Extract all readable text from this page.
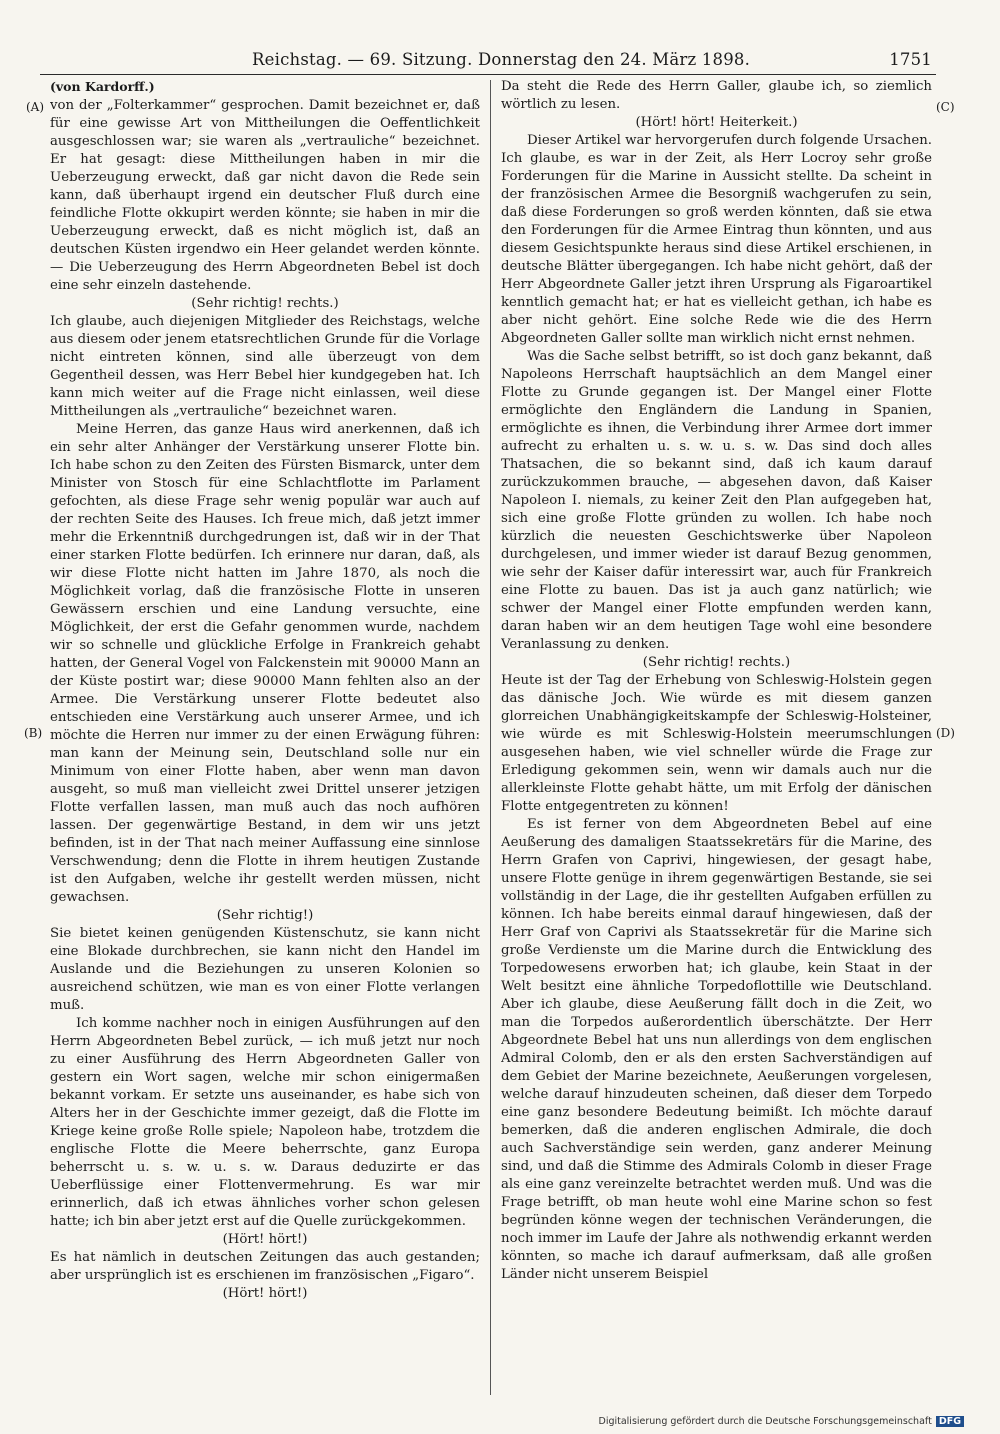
Reichstag. — 69. Sitzung. Donnerstag den 24. März 1898.	1751
(A)
(B)
(C)
(D)

(von Kardorff.)

von der „Folterkammer“ gesprochen. Damit bezeichnet er, daß für eine gewisse Art von Mittheilungen die Oeffentlichkeit ausgeschlossen war; sie waren als „vertrauliche“ bezeichnet. Er hat gesagt: diese Mittheilungen haben in mir die Ueberzeugung erweckt, daß gar nicht davon die Rede sein kann, daß überhaupt irgend ein deutscher Fluß durch eine feindliche Flotte okkupirt werden könnte; sie haben in mir die Ueberzeugung erweckt, daß es nicht möglich ist, daß an deutschen Küsten irgendwo ein Heer gelandet werden könnte. — Die Ueberzeugung des Herrn Abgeordneten Bebel ist doch eine sehr einzeln dastehende.

(Sehr richtig! rechts.)

Ich glaube, auch diejenigen Mitglieder des Reichstags, welche aus diesem oder jenem etatsrechtlichen Grunde für die Vorlage nicht eintreten können, sind alle überzeugt von dem Gegentheil dessen, was Herr Bebel hier kundgegeben hat. Ich kann mich weiter auf die Frage nicht einlassen, weil diese Mittheilungen als „vertrauliche“ bezeichnet waren.

Meine Herren, das ganze Haus wird anerkennen, daß ich ein sehr alter Anhänger der Verstärkung unserer Flotte bin. Ich habe schon zu den Zeiten des Fürsten Bismarck, unter dem Minister von Stosch für eine Schlachtflotte im Parlament gefochten, als diese Frage sehr wenig populär war auch auf der rechten Seite des Hauses. Ich freue mich, daß jetzt immer mehr die Erkenntniß durchgedrungen ist, daß wir in der That einer starken Flotte bedürfen. Ich erinnere nur daran, daß, als wir diese Flotte nicht hatten im Jahre 1870, als noch die Möglichkeit vorlag, daß die französische Flotte in unseren Gewässern erschien und eine Landung versuchte, eine Möglichkeit, der erst die Gefahr genommen wurde, nachdem wir so schnelle und glückliche Erfolge in Frankreich gehabt hatten, der General Vogel von Falckenstein mit 90000 Mann an der Küste postirt war; diese 90000 Mann fehlten also an der Armee. Die Verstärkung unserer Flotte bedeutet also entschieden eine Verstärkung auch unserer Armee, und ich möchte die Herren nur immer zu der einen Erwägung führen: man kann der Meinung sein, Deutschland solle nur ein Minimum von einer Flotte haben, aber wenn man davon ausgeht, so muß man vielleicht zwei Drittel unserer jetzigen Flotte verfallen lassen, man muß auch das noch aufhören lassen. Der gegenwärtige Bestand, in dem wir uns jetzt befinden, ist in der That nach meiner Auffassung eine sinnlose Verschwendung; denn die Flotte in ihrem heutigen Zustande ist den Aufgaben, welche ihr gestellt werden müssen, nicht gewachsen.

(Sehr richtig!)

Sie bietet keinen genügenden Küstenschutz, sie kann nicht eine Blokade durchbrechen, sie kann nicht den Handel im Auslande und die Beziehungen zu unseren Kolonien so ausreichend schützen, wie man es von einer Flotte verlangen muß.

Ich komme nachher noch in einigen Ausführungen auf den Herrn Abgeordneten Bebel zurück, — ich muß jetzt nur noch zu einer Ausführung des Herrn Abgeordneten Galler von gestern ein Wort sagen, welche mir schon einigermaßen bekannt vorkam. Er setzte uns auseinander, es habe sich von Alters her in der Geschichte immer gezeigt, daß die Flotte im Kriege keine große Rolle spiele; Napoleon habe, trotzdem die englische Flotte die Meere beherrschte, ganz Europa beherrscht u. s. w. u. s. w. Daraus deduzirte er das Ueberflüssige einer Flottenvermehrung. Es war mir erinnerlich, daß ich etwas ähnliches vorher schon gelesen hatte; ich bin aber jetzt erst auf die Quelle zurückgekommen.

(Hört! hört!)

Es hat nämlich in deutschen Zeitungen das auch gestanden; aber ursprünglich ist es erschienen im französischen „Figaro“.

(Hört! hört!)

Da steht die Rede des Herrn Galler, glaube ich, so ziemlich wörtlich zu lesen.

(Hört! hört! Heiterkeit.)

Dieser Artikel war hervorgerufen durch folgende Ursachen. Ich glaube, es war in der Zeit, als Herr Locroy sehr große Forderungen für die Marine in Aussicht stellte. Da scheint in der französischen Armee die Besorgniß wachgerufen zu sein, daß diese Forderungen so groß werden könnten, daß sie etwa den Forderungen für die Armee Eintrag thun könnten, und aus diesem Gesichtspunkte heraus sind diese Artikel erschienen, in deutsche Blätter übergegangen. Ich habe nicht gehört, daß der Herr Abgeordnete Galler jetzt ihren Ursprung als Figaroartikel kenntlich gemacht hat; er hat es vielleicht gethan, ich habe es aber nicht gehört. Eine solche Rede wie die des Herrn Abgeordneten Galler sollte man wirklich nicht ernst nehmen.

Was die Sache selbst betrifft, so ist doch ganz bekannt, daß Napoleons Herrschaft hauptsächlich an dem Mangel einer Flotte zu Grunde gegangen ist. Der Mangel einer Flotte ermöglichte den Engländern die Landung in Spanien, ermöglichte es ihnen, die Verbindung ihrer Armee dort immer aufrecht zu erhalten u. s. w. u. s. w. Das sind doch alles Thatsachen, die so bekannt sind, daß ich kaum darauf zurückzukommen brauche, — abgesehen davon, daß Kaiser Napoleon I. niemals, zu keiner Zeit den Plan aufgegeben hat, sich eine große Flotte gründen zu wollen. Ich habe noch kürzlich die neuesten Geschichtswerke über Napoleon durchgelesen, und immer wieder ist darauf Bezug genommen, wie sehr der Kaiser dafür interessirt war, auch für Frankreich eine Flotte zu bauen. Das ist ja auch ganz natürlich; wie schwer der Mangel einer Flotte empfunden werden kann, daran haben wir an dem heutigen Tage wohl eine besondere Veranlassung zu denken.

(Sehr richtig! rechts.)

Heute ist der Tag der Erhebung von Schleswig-Holstein gegen das dänische Joch. Wie würde es mit diesem ganzen glorreichen Unabhängigkeitskampfe der Schleswig-Holsteiner, wie würde es mit Schleswig-Holstein meerumschlungen ausgesehen haben, wie viel schneller würde die Frage zur Erledigung gekommen sein, wenn wir damals auch nur die allerkleinste Flotte gehabt hätte, um mit Erfolg der dänischen Flotte entgegentreten zu können!

Es ist ferner von dem Abgeordneten Bebel auf eine Aeußerung des damaligen Staatssekretärs für die Marine, des Herrn Grafen von Caprivi, hingewiesen, der gesagt habe, unsere Flotte genüge in ihrem gegenwärtigen Bestande, sie sei vollständig in der Lage, die ihr gestellten Aufgaben erfüllen zu können. Ich habe bereits einmal darauf hingewiesen, daß der Herr Graf von Caprivi als Staatssekretär für die Marine sich große Verdienste um die Marine durch die Entwicklung des Torpedowesens erworben hat; ich glaube, kein Staat in der Welt besitzt eine ähnliche Torpedoflottille wie Deutschland. Aber ich glaube, diese Aeußerung fällt doch in die Zeit, wo man die Torpedos außerordentlich überschätzte. Der Herr Abgeordnete Bebel hat uns nun allerdings von dem englischen Admiral Colomb, den er als den ersten Sachverständigen auf dem Gebiet der Marine bezeichnete, Aeußerungen vorgelesen, welche darauf hinzudeuten scheinen, daß dieser dem Torpedo eine ganz besondere Bedeutung beimißt. Ich möchte darauf bemerken, daß die anderen englischen Admirale, die doch auch Sachverständige sein werden, ganz anderer Meinung sind, und daß die Stimme des Admirals Colomb in dieser Frage als eine ganz vereinzelte betrachtet werden muß. Und was die Frage betrifft, ob man heute wohl eine Marine schon so fest begründen könne wegen der technischen Veränderungen, die noch immer im Laufe der Jahre als nothwendig erkannt werden könnten, so mache ich darauf aufmerksam, daß alle großen Länder nicht unserem Beispiel

Digitalisierung gefördert durch die Deutsche Forschungsgemeinschaft DFG
